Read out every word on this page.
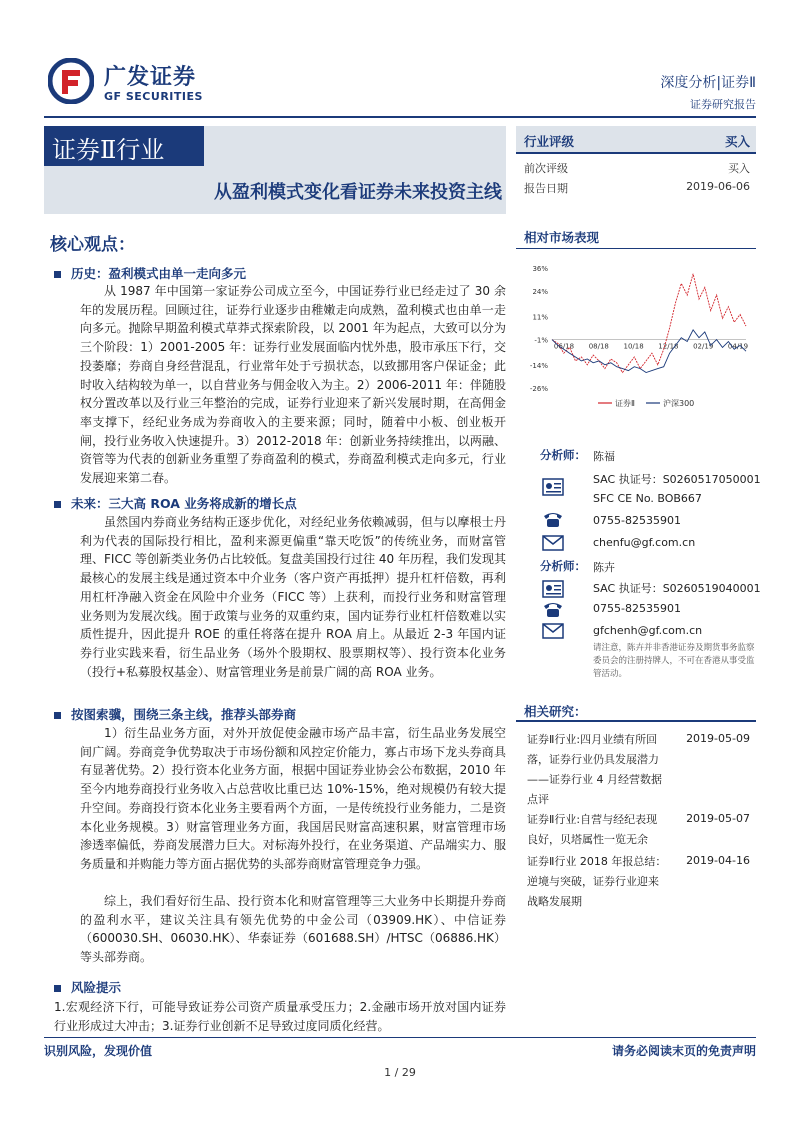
广发证券
GF SECURITIES
深度分析|证券Ⅱ
证券研究报告
证券Ⅱ行业
从盈利模式变化看证券未来投资主线
行业评级	买入
前次评级	买入
报告日期	2019-06-06
核心观点：
历史：盈利模式由单一走向多元
从 1987 年中国第一家证券公司成立至今，中国证券行业已经走过了 30 余年的发展历程。回顾过往，证券行业逐步由稚嫩走向成熟，盈利模式也由单一走向多元。抛除早期盈利模式草莽式探索阶段，以 2001 年为起点，大致可以分为三个阶段：1）2001-2005 年：证券行业发展面临内忧外患，股市承压下行，交投萎靡；券商自身经营混乱，行业常年处于亏损状态，以致挪用客户保证金；此时收入结构较为单一，以自营业务与佣金收入为主。2）2006-2011 年：伴随股权分置改革以及行业三年整治的完成，证券行业迎来了新兴发展时期，在高佣金率支撑下，经纪业务成为券商收入的主要来源；同时，随着中小板、创业板开闸，投行业务收入快速提升。3）2012-2018 年：创新业务持续推出，以两融、资管等为代表的创新业务重塑了券商盈利的模式，券商盈利模式走向多元，行业发展迎来第二春。
未来：三大高 ROA 业务将成新的增长点
虽然国内券商业务结构正逐步优化，对经纪业务依赖减弱，但与以摩根士丹利为代表的国际投行相比，盈利来源更偏重“靠天吃饭”的传统业务，而财富管理、FICC 等创新类业务仍占比较低。复盘美国投行过往 40 年历程，我们发现其最核心的发展主线是通过资本中介业务（客户资产再抵押）提升杠杆倍数，再利用杠杆净融入资金在风险中介业务（FICC 等）上获利，而投行业务和财富管理业务则为发展次线。囿于政策与业务的双重约束，国内证券行业杠杆倍数难以实质性提升，因此提升 ROE 的重任将落在提升 ROA 肩上。从最近 2-3 年国内证券行业实践来看，衍生品业务（场外个股期权、股票期权等）、投行资本化业务（投行+私募股权基金）、财富管理业务是前景广阔的高 ROA 业务。
按图索骥，围绕三条主线，推荐头部券商
1）衍生品业务方面，对外开放促使金融市场产品丰富，衍生品业务发展空间广阔。券商竞争优势取决于市场份额和风控定价能力，寡占市场下龙头券商具有显著优势。2）投行资本化业务方面，根据中国证券业协会公布数据，2010 年至今内地券商投行业务收入占总营收比重已达 10%-15%，绝对规模仍有较大提升空间。券商投行资本化业务主要看两个方面，一是传统投行业务能力，二是资本化业务规模。3）财富管理业务方面，我国居民财富高速积累，财富管理市场渗透率偏低，券商发展潜力巨大。对标海外投行，在业务渠道、产品端实力、服务质量和并购能力等方面占据优势的头部券商财富管理竞争力强。
综上，我们看好衍生品、投行资本化和财富管理等三大业务中长期提升券商的盈利水平，建议关注具有领先优势的中金公司（03909.HK）、中信证券（600030.SH、06030.HK）、华泰证券（601688.SH）/HTSC（06886.HK）等头部券商。
风险提示
1.宏观经济下行，可能导致证券公司资产质量承受压力；2.金融市场开放对国内证券行业形成过大冲击；3.证券行业创新不足导致过度同质化经营。
相对市场表现
36%
24%
11%
-1%
-14%
-26%
06/18 08/18 10/18 12/18 02/19 04/19
证券Ⅱ	沪深300
分析师： 陈福
SAC 执证号：S0260517050001
SFC CE No. BOB667
0755-82535901
chenfu@gf.com.cn
分析师： 陈卉
SAC 执证号：S0260519040001
0755-82535901
gfchenh@gf.com.cn
请注意，陈卉并非香港证券及期货事务监察委员会的注册持牌人，不可在香港从事受监管活动。
相关研究：
证券Ⅱ行业:四月业绩有所回
落，证券行业仍具发展潜力
——证券行业 4 月经营数据
点评
2019-05-09
证券Ⅱ行业:自营与经纪表现
良好，贝塔属性一览无余
2019-05-07
证券Ⅱ行业 2018 年报总结：
逆境与突破，证券行业迎来
战略发展期
2019-04-16
识别风险，发现价值	请务必阅读末页的免责声明
1 / 29
